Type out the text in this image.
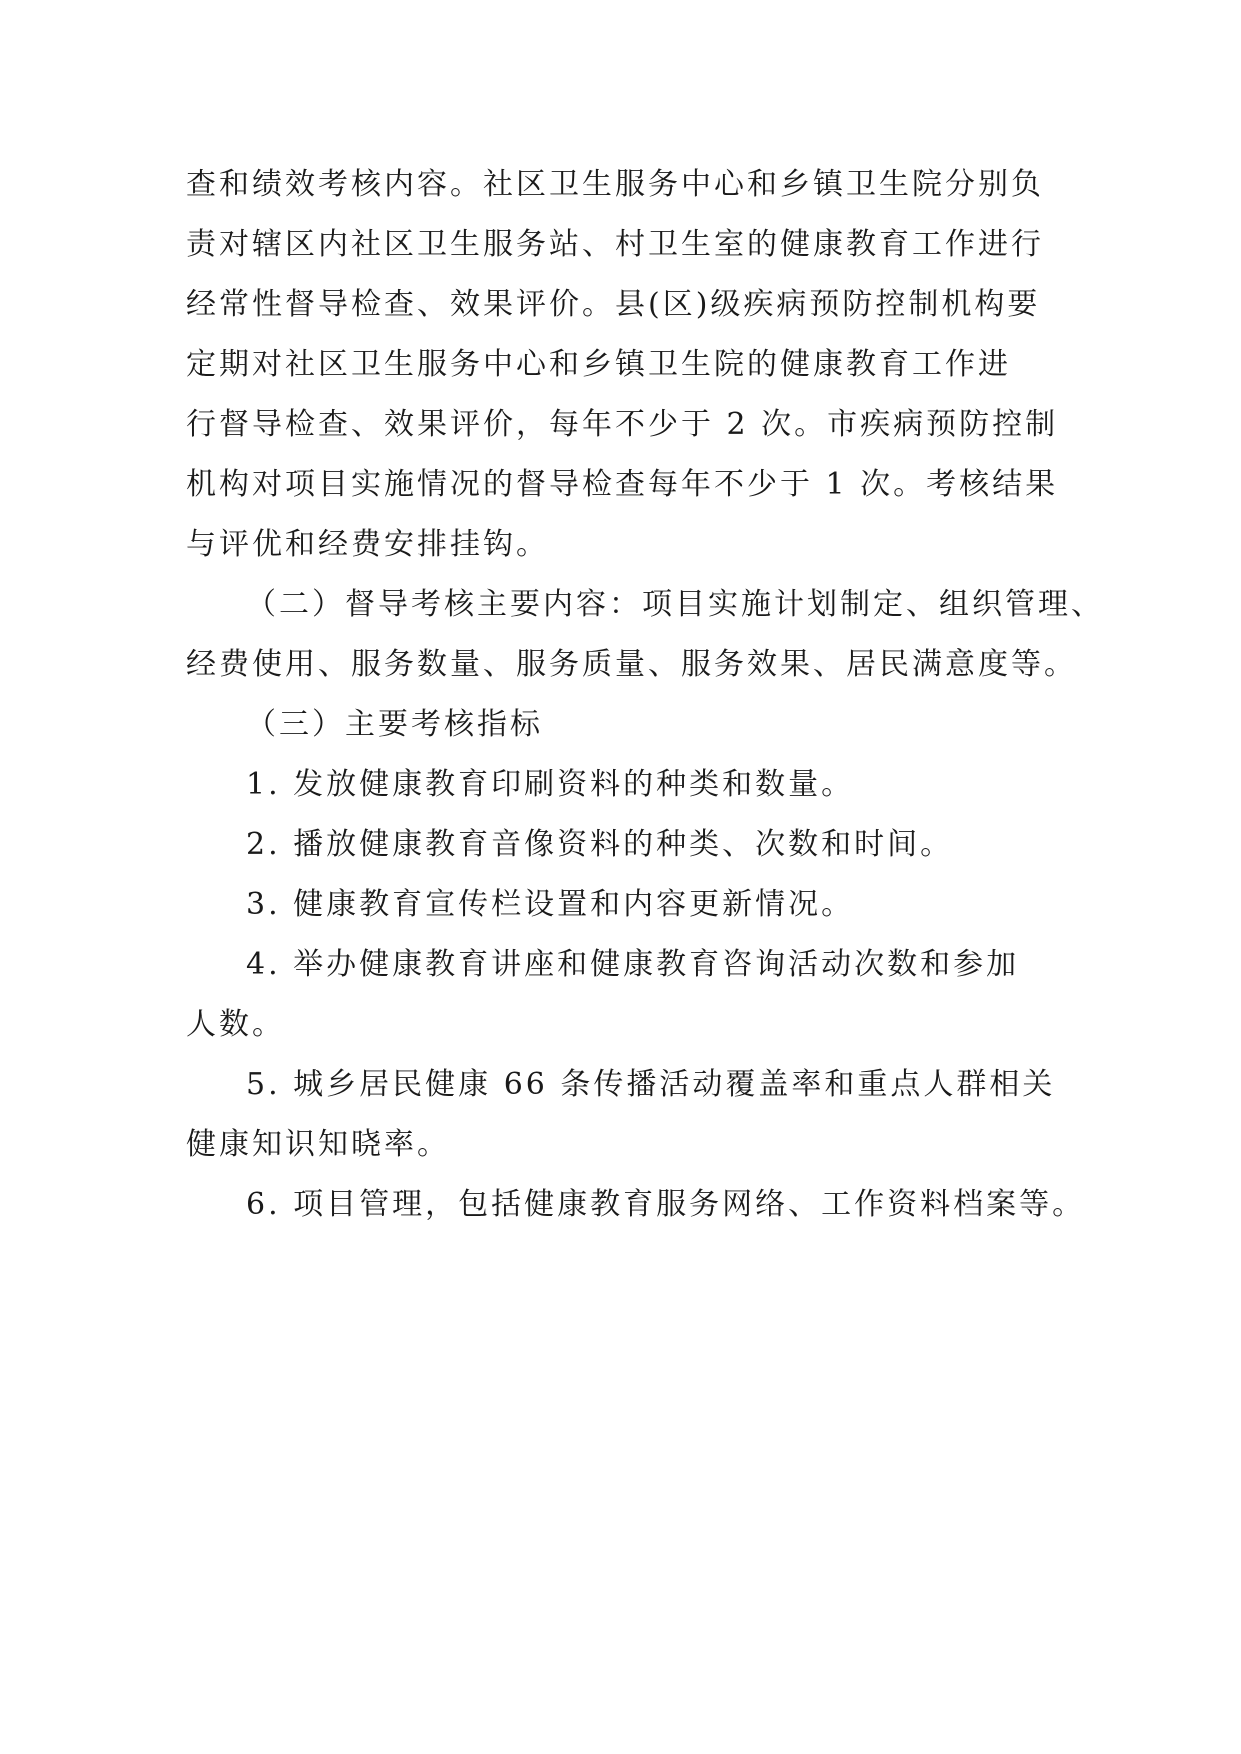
查和绩效考核内容。社区卫生服务中心和乡镇卫生院分别负
责对辖区内社区卫生服务站、村卫生室的健康教育工作进行
经常性督导检查、效果评价。县(区)级疾病预防控制机构要
定期对社区卫生服务中心和乡镇卫生院的健康教育工作进
行督导检查、效果评价，每年不少于 2 次。市疾病预防控制
机构对项目实施情况的督导检查每年不少于 1 次。考核结果
与评优和经费安排挂钩。
（二）督导考核主要内容：项目实施计划制定、组织管理、
经费使用、服务数量、服务质量、服务效果、居民满意度等。
（三）主要考核指标
1. 发放健康教育印刷资料的种类和数量。
2. 播放健康教育音像资料的种类、次数和时间。
3. 健康教育宣传栏设置和内容更新情况。
4. 举办健康教育讲座和健康教育咨询活动次数和参加
人数。
5. 城乡居民健康 66 条传播活动覆盖率和重点人群相关
健康知识知晓率。
6. 项目管理，包括健康教育服务网络、工作资料档案等。
